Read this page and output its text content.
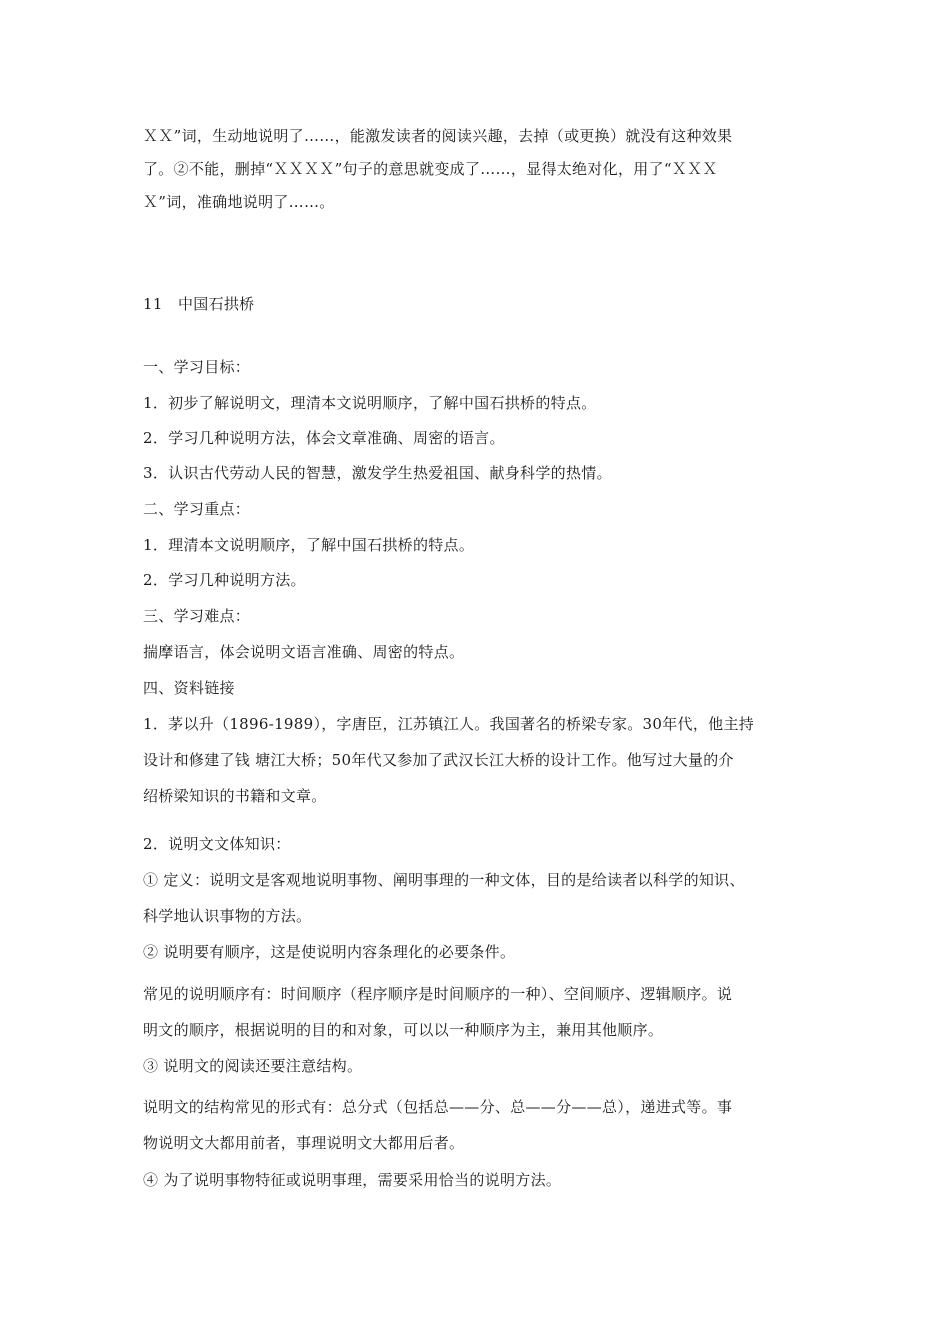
ＸＸ”词，生动地说明了……，能激发读者的阅读兴趣，去掉（或更换）就没有这种效果
了。②不能，删掉“ＸＸＸＸ”句子的意思就变成了……，显得太绝对化，用了“ＸＸＸ
Ｘ”词，准确地说明了……。
11　中国石拱桥
一、学习目标：
1．初步了解说明文，理清本文说明顺序，了解中国石拱桥的特点。
2．学习几种说明方法，体会文章准确、周密的语言。
3．认识古代劳动人民的智慧，激发学生热爱祖国、献身科学的热情。
二、学习重点：
1．理清本文说明顺序，了解中国石拱桥的特点。
2．学习几种说明方法。
三、学习难点：
揣摩语言，体会说明文语言准确、周密的特点。
四、资料链接
1．茅以升（1896-1989），字唐臣，江苏镇江人。我国著名的桥梁专家。30年代，他主持
设计和修建了钱 塘江大桥；50年代又参加了武汉长江大桥的设计工作。他写过大量的介
绍桥梁知识的书籍和文章。
2．说明文文体知识：
① 定义：说明文是客观地说明事物、阐明事理的一种文体，目的是给读者以科学的知识、
科学地认识事物的方法。
② 说明要有顺序，这是使说明内容条理化的必要条件。
常见的说明顺序有：时间顺序（程序顺序是时间顺序的一种）、空间顺序、逻辑顺序。说
明文的顺序，根据说明的目的和对象，可以以一种顺序为主，兼用其他顺序。
③ 说明文的阅读还要注意结构。
说明文的结构常见的形式有：总分式（包括总——分、总——分——总），递进式等。事
物说明文大都用前者，事理说明文大都用后者。
④ 为了说明事物特征或说明事理，需要采用恰当的说明方法。
